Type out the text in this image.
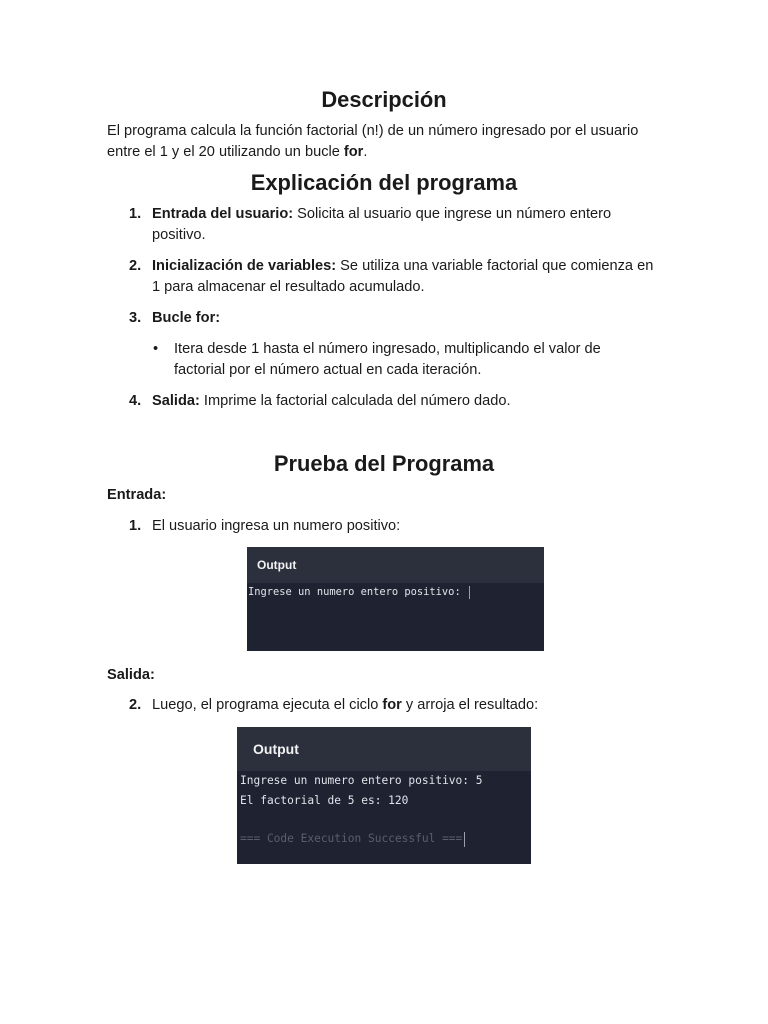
Descripción

El programa calcula la función factorial (n!) de un número ingresado por el usuario entre el 1 y el 20 utilizando un bucle for.

Explicación del programa
1. Entrada del usuario: Solicita al usuario que ingrese un número entero positivo.
2. Inicialización de variables: Se utiliza una variable factorial que comienza en 1 para almacenar el resultado acumulado.
3. Bucle for:
• Itera desde 1 hasta el número ingresado, multiplicando el valor de factorial por el número actual en cada iteración.
4. Salida: Imprime la factorial calculada del número dado.
Prueba del Programa

Entrada:

1. El usuario ingresa un numero positivo:
Output
Ingrese un numero entero positivo:

Salida:

2. Luego, el programa ejecuta el ciclo for y arroja el resultado:
Output
Ingrese un numero entero positivo: 5
El factorial de 5 es: 120
=== Code Execution Successful ===
